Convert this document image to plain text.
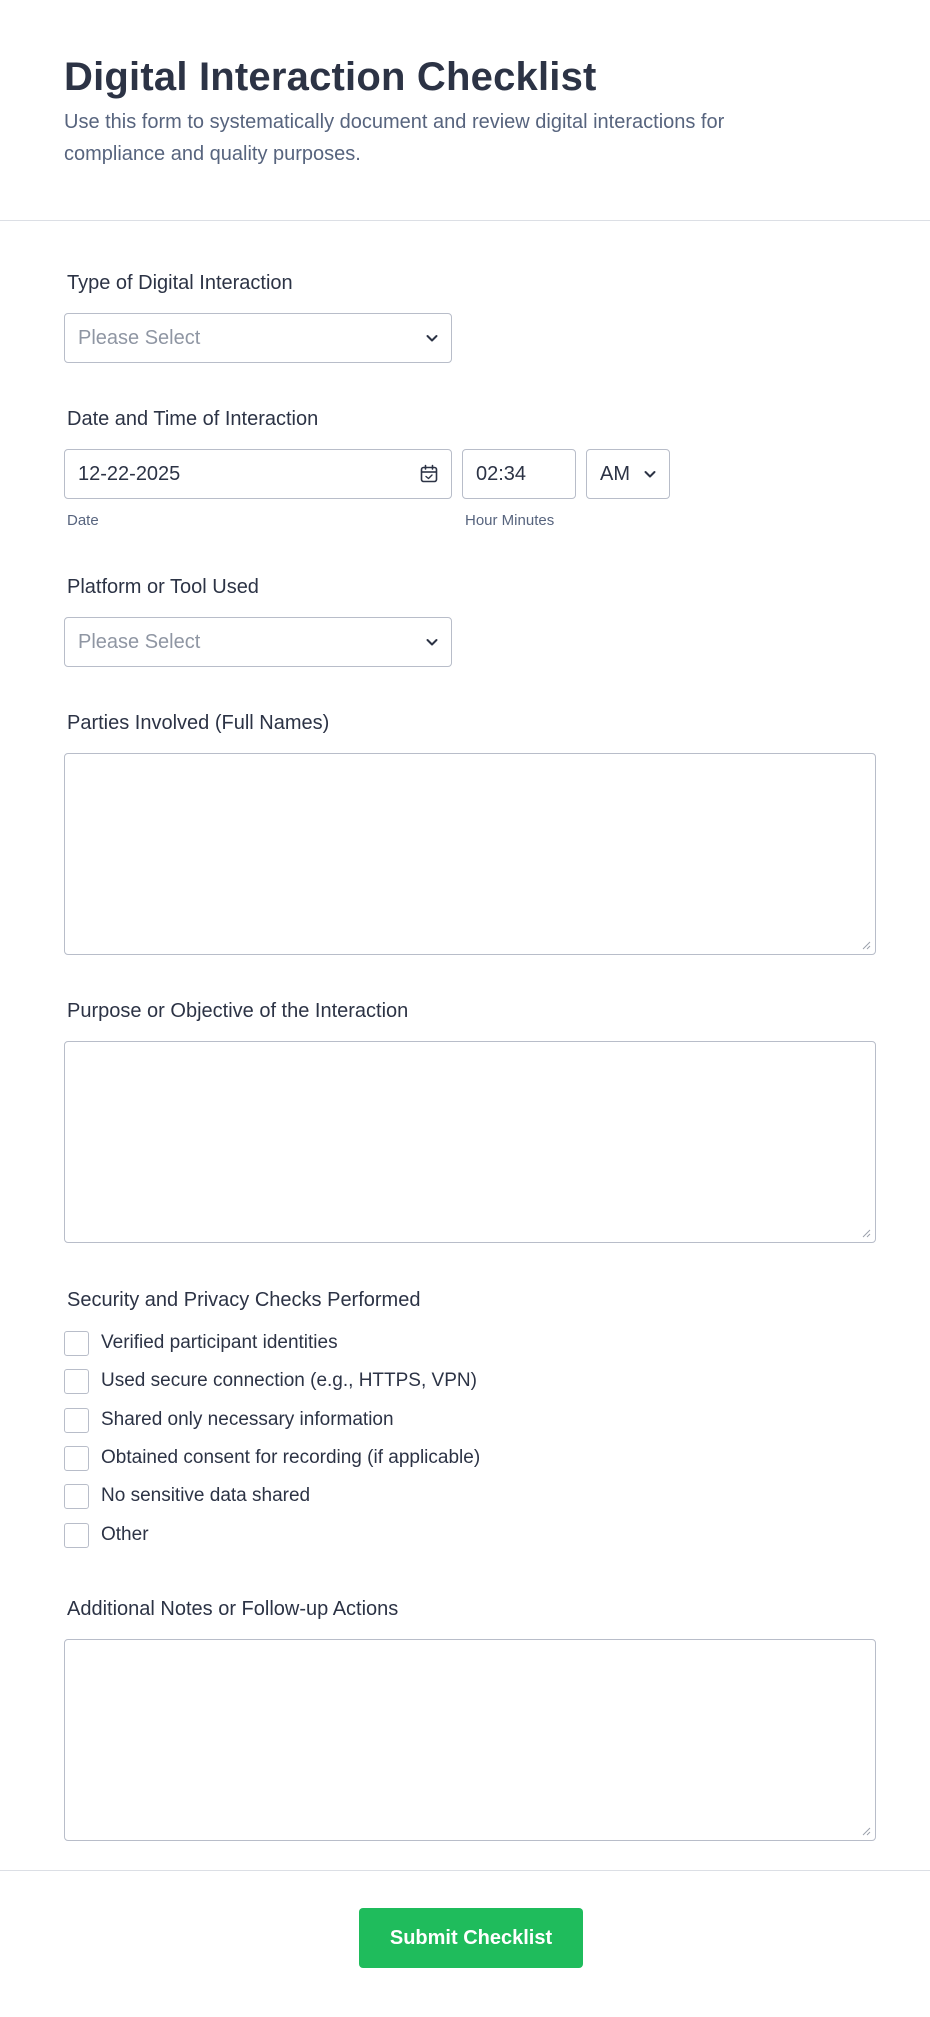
Digital Interaction Checklist

Use this form to systematically document and review digital interactions for compliance and quality purposes.

Type of Digital Interaction
Please Select
Date and Time of Interaction
12-22-2025	02:34	AM
Date	Hour Minutes
Platform or Tool Used
Please Select
Parties Involved (Full Names)
Purpose or Objective of the Interaction
Security and Privacy Checks Performed
Verified participant identities
Used secure connection (e.g., HTTPS, VPN)
Shared only necessary information
Obtained consent for recording (if applicable)
No sensitive data shared
Other
Additional Notes or Follow-up Actions
Submit Checklist
